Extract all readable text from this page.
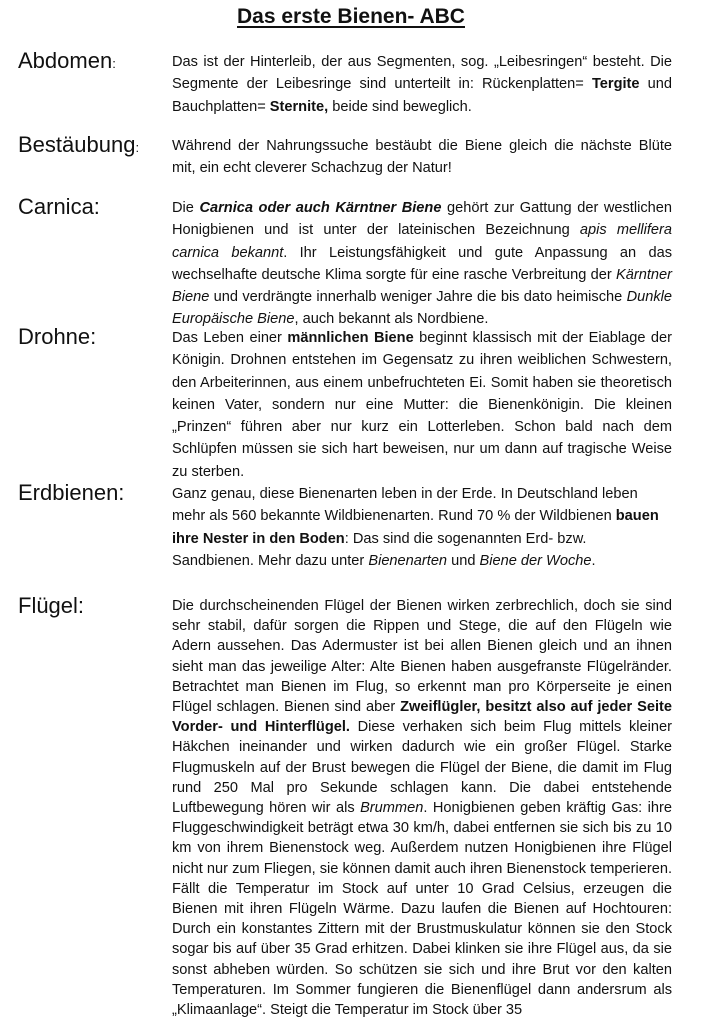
Das erste Bienen- ABC
Abdomen:	Das ist der Hinterleib, der aus Segmenten, sog. „Leibesringen“ besteht. Die Segmente der Leibesringe sind unterteilt in: Rückenplatten= Tergite und Bauchplatten= Sternite, beide sind beweglich.
Bestäubung: Während der Nahrungssuche bestäubt die Biene gleich die nächste Blüte mit, ein echt cleverer Schachzug der Natur!
Carnica:	Die Carnica oder auch Kärntner Biene gehört zur Gattung der westlichen Honigbienen und ist unter der lateinischen Bezeichnung apis mellifera carnica bekannt. Ihr Leistungsfähigkeit und gute Anpassung an das wechselhafte deutsche Klima sorgte für eine rasche Verbreitung der Kärntner Biene und verdrängte innerhalb weniger Jahre die bis dato heimische Dunkle Europäische Biene, auch bekannt als Nordbiene.
Drohne:	Das Leben einer männlichen Biene beginnt klassisch mit der Eiablage der Königin. Drohnen entstehen im Gegensatz zu ihren weiblichen Schwestern, den Arbeiterinnen, aus einem unbefruchteten Ei. Somit haben sie theoretisch keinen Vater, sondern nur eine Mutter: die Bienenkönigin. Die kleinen „Prinzen“ führen aber nur kurz ein Lotterleben. Schon bald nach dem Schlüpfen müssen sie sich hart beweisen, nur um dann auf tragische Weise zu sterben.
Erdbienen:	Ganz genau, diese Bienenarten leben in der Erde. In Deutschland leben mehr als 560 bekannte Wildbienenarten. Rund 70 % der Wildbienen bauen ihre Nester in den Boden: Das sind die sogenannten Erd- bzw. Sandbienen. Mehr dazu unter Bienenarten und Biene der Woche.
Flügel:	Die durchscheinenden Flügel der Bienen wirken zerbrechlich, doch sie sind sehr stabil, dafür sorgen die Rippen und Stege, die auf den Flügeln wie Adern aussehen. Das Adermuster ist bei allen Bienen gleich und an ihnen sieht man das jeweilige Alter: Alte Bienen haben ausgefranste Flügelränder. Betrachtet man Bienen im Flug, so erkennt man pro Körperseite je einen Flügel schlagen. Bienen sind aber Zweiflügler, besitzt also auf jeder Seite Vorder- und Hinterflügel. Diese verhaken sich beim Flug mittels kleiner Häkchen ineinander und wirken dadurch wie ein großer Flügel. Starke Flugmuskeln auf der Brust bewegen die Flügel der Biene, die damit im Flug rund 250 Mal pro Sekunde schlagen kann. Die dabei entstehende Luftbewegung hören wir als Brummen. Honigbienen geben kräftig Gas: ihre Fluggeschwindigkeit beträgt etwa 30 km/h, dabei entfernen sie sich bis zu 10 km von ihrem Bienenstock weg. Außerdem nutzen Honigbienen ihre Flügel nicht nur zum Fliegen, sie können damit auch ihren Bienenstock temperieren. Fällt die Temperatur im Stock auf unter 10 Grad Celsius, erzeugen die Bienen mit ihren Flügeln Wärme. Dazu laufen die Bienen auf Hochtouren: Durch ein konstantes Zittern mit der Brustmuskulatur können sie den Stock sogar bis auf über 35 Grad erhitzen. Dabei klinken sie ihre Flügel aus, da sie sonst abheben würden. So schützen sie sich und ihre Brut vor den kalten Temperaturen. Im Sommer fungieren die Bienenflügel dann andersrum als „Klimaanlage“. Steigt die Temperatur im Stock über 35
